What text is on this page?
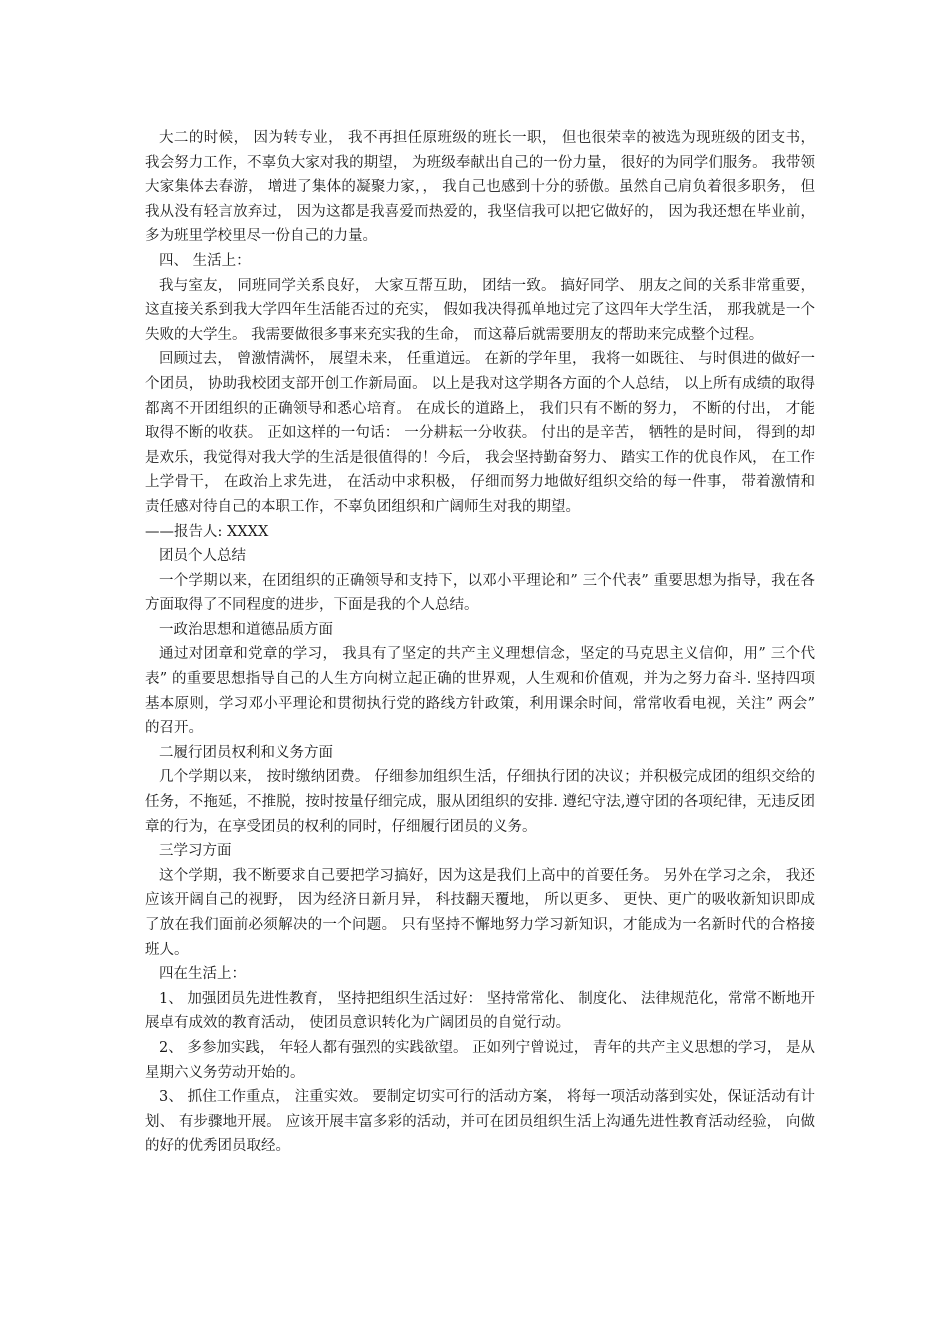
大二的时候， 因为转专业， 我不再担任原班级的班长一职， 但也很荣幸的被选为现班级的团支书， 我会努力工作，不辜负大家对我的期望， 为班级奉献出自己的一份力量， 很好的为同学们服务。 我带领大家集体去春游， 增进了集体的凝聚力家，， 我自己也感到十分的骄傲。虽然自己肩负着很多职务， 但我从没有轻言放弃过， 因为这都是我喜爱而热爱的，我坚信我可以把它做好的， 因为我还想在毕业前， 多为班里学校里尽一份自己的力量。

四、 生活上：

我与室友， 同班同学关系良好， 大家互帮互助， 团结一致。 搞好同学、 朋友之间的关系非常重要， 这直接关系到我大学四年生活能否过的充实， 假如我决得孤单地过完了这四年大学生活， 那我就是一个失败的大学生。 我需要做很多事来充实我的生命， 而这幕后就需要朋友的帮助来完成整个过程。

回顾过去， 曾激情满怀， 展望未来， 任重道远。 在新的学年里， 我将一如既往、 与时俱进的做好一个团员， 协助我校团支部开创工作新局面。 以上是我对这学期各方面的个人总结， 以上所有成绩的取得都离不开团组织的正确领导和悉心培育。 在成长的道路上， 我们只有不断的努力， 不断的付出， 才能取得不断的收获。 正如这样的一句话： 一分耕耘一分收获。 付出的是辛苦， 牺牲的是时间， 得到的却是欢乐，我觉得对我大学的生活是很值得的！今后， 我会坚持勤奋努力、 踏实工作的优良作风， 在工作上学骨干， 在政治上求先进， 在活动中求积极， 仔细而努力地做好组织交给的每一件事， 带着激情和责任感对待自己的本职工作，不辜负团组织和广阔师生对我的期望。

——报告人: XXXX

团员个人总结

一个学期以来，在团组织的正确领导和支持下，以邓小平理论和” 三个代表” 重要思想为指导，我在各方面取得了不同程度的进步，下面是我的个人总结。

一政治思想和道德品质方面

通过对团章和党章的学习， 我具有了坚定的共产主义理想信念，坚定的马克思主义信仰，用” 三个代表” 的重要思想指导自己的人生方向树立起正确的世界观，人生观和价值观，并为之努力奋斗. 坚持四项基本原则，学习邓小平理论和贯彻执行党的路线方针政策，利用课余时间，常常收看电视，关注” 两会” 的召开。

二履行团员权利和义务方面

几个学期以来， 按时缴纳团费。 仔细参加组织生活，仔细执行团的决议；并积极完成团的组织交给的任务，不拖延，不推脱，按时按量仔细完成，服从团组织的安排. 遵纪守法,遵守团的各项纪律，无违反团章的行为，在享受团员的权利的同时，仔细履行团员的义务。

三学习方面

这个学期，我不断要求自己要把学习搞好，因为这是我们上高中的首要任务。 另外在学习之余， 我还应该开阔自己的视野， 因为经济日新月异， 科技翻天覆地， 所以更多、 更快、更广的吸收新知识即成了放在我们面前必须解决的一个问题。 只有坚持不懈地努力学习新知识，才能成为一名新时代的合格接班人。

四在生活上：

1、 加强团员先进性教育， 坚持把组织生活过好： 坚持常常化、 制度化、 法律规范化，常常不断地开展卓有成效的教育活动， 使团员意识转化为广阔团员的自觉行动。

2、 多参加实践， 年轻人都有强烈的实践欲望。 正如列宁曾说过， 青年的共产主义思想的学习， 是从星期六义务劳动开始的。

3、 抓住工作重点， 注重实效。 要制定切实可行的活动方案， 将每一项活动落到实处，保证活动有计划、 有步骤地开展。 应该开展丰富多彩的活动，并可在团员组织生活上沟通先进性教育活动经验， 向做的好的优秀团员取经。
